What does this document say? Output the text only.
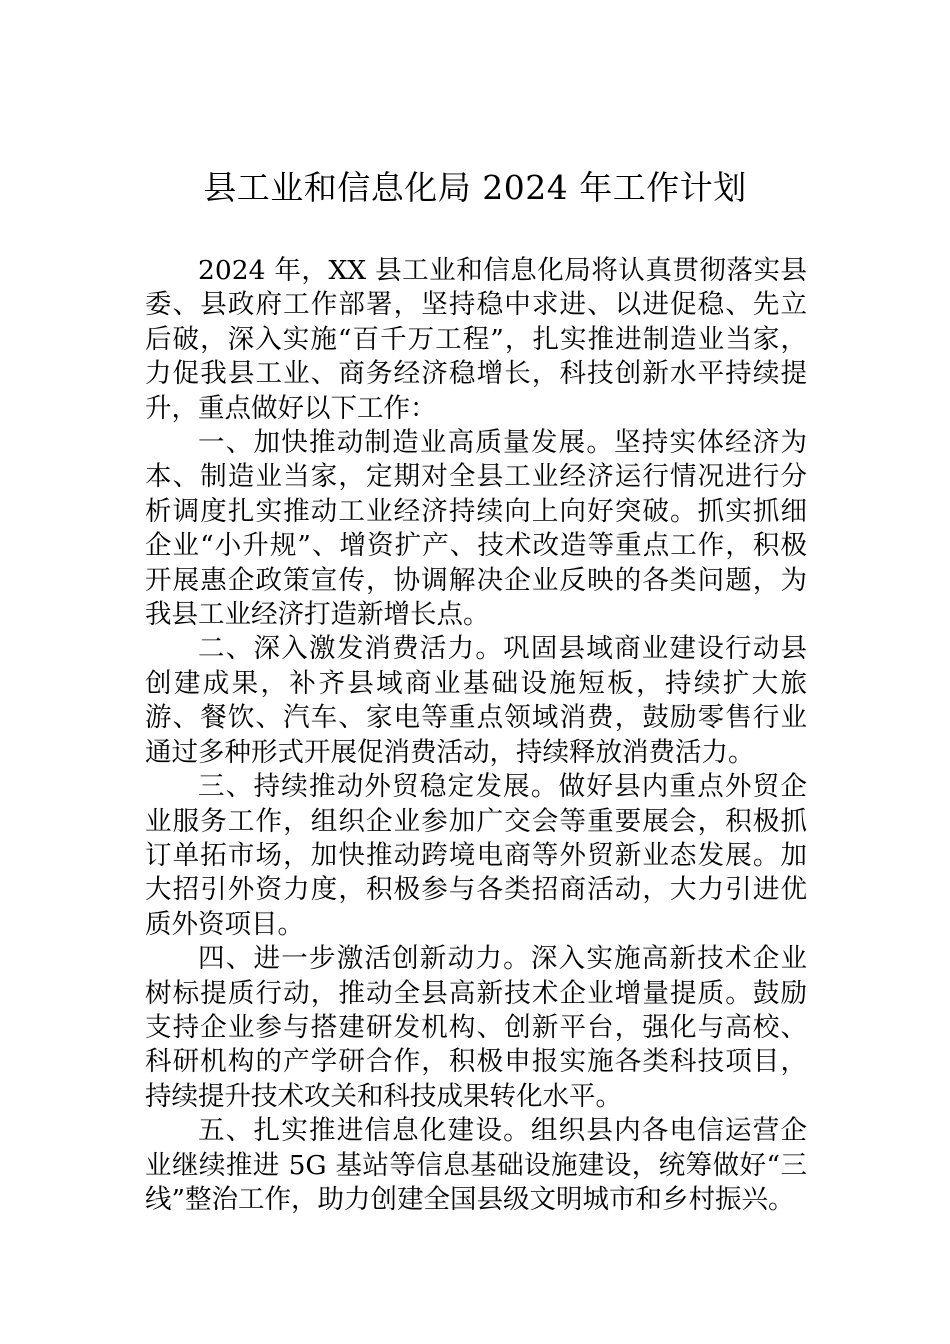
县工业和信息化局 2024 年工作计划

2024 年，XX 县工业和信息化局将认真贯彻落实县委、县政府工作部署，坚持稳中求进、以进促稳、先立后破，深入实施“百千万工程”，扎实推进制造业当家，力促我县工业、商务经济稳增长，科技创新水平持续提升，重点做好以下工作：

一、加快推动制造业高质量发展。坚持实体经济为本、制造业当家，定期对全县工业经济运行情况进行分析调度扎实推动工业经济持续向上向好突破。抓实抓细企业“小升规”、增资扩产、技术改造等重点工作，积极开展惠企政策宣传，协调解决企业反映的各类问题，为我县工业经济打造新增长点。

二、深入激发消费活力。巩固县域商业建设行动县创建成果，补齐县域商业基础设施短板，持续扩大旅游、餐饮、汽车、家电等重点领域消费，鼓励零售行业通过多种形式开展促消费活动，持续释放消费活力。

三、持续推动外贸稳定发展。做好县内重点外贸企业服务工作，组织企业参加广交会等重要展会，积极抓订单拓市场，加快推动跨境电商等外贸新业态发展。加大招引外资力度，积极参与各类招商活动，大力引进优质外资项目。

四、进一步激活创新动力。深入实施高新技术企业树标提质行动，推动全县高新技术企业增量提质。鼓励支持企业参与搭建研发机构、创新平台，强化与高校、科研机构的产学研合作，积极申报实施各类科技项目，持续提升技术攻关和科技成果转化水平。

五、扎实推进信息化建设。组织县内各电信运营企业继续推进 5G 基站等信息基础设施建设，统筹做好“三线”整治工作，助力创建全国县级文明城市和乡村振兴。
